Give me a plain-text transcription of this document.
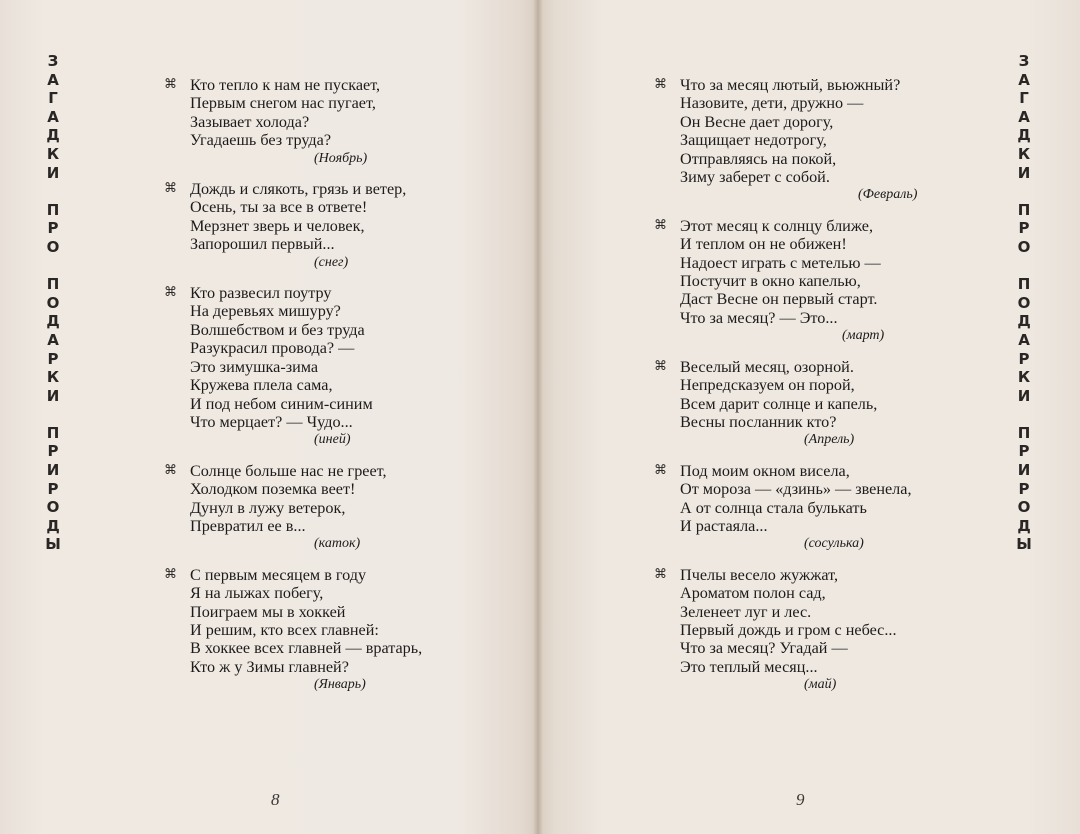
З
А
Г
А
Д
К
И
П
Р
О
П
О
Д
А
Р
К
И
П
Р
И
Р
О
Д
Ы
З
А
Г
А
Д
К
И
П
Р
О
П
О
Д
А
Р
К
И
П
Р
И
Р
О
Д
Ы
⌘ Кто тепло к нам не пускает,
Первым снегом нас пугает,
Зазывает холода?
Угадаешь без труда?
(Ноябрь)
⌘ Дождь и слякоть, грязь и ветер,
Осень, ты за все в ответе!
Мерзнет зверь и человек,
Запорошил первый...
(снег)
⌘ Кто развесил поутру
На деревьях мишуру?
Волшебством и без труда
Разукрасил провода? —
Это зимушка-зима
Кружева плела сама,
И под небом синим-синим
Что мерцает? — Чудо...
(иней)
⌘ Солнце больше нас не греет,
Холодком поземка веет!
Дунул в лужу ветерок,
Превратил ее в...
(каток)
⌘ С первым месяцем в году
Я на лыжах побегу,
Поиграем мы в хоккей
И решим, кто всех главней:
В хоккее всех главней — вратарь,
Кто ж у Зимы главней?
(Январь)
⌘ Что за месяц лютый, вьюжный?
Назовите, дети, дружно —
Он Весне дает дорогу,
Защищает недотрогу,
Отправляясь на покой,
Зиму заберет с собой.
(Февраль)
⌘ Этот месяц к солнцу ближе,
И теплом он не обижен!
Надоест играть с метелью —
Постучит в окно капелью,
Даст Весне он первый старт.
Что за месяц? — Это...
(март)
⌘ Веселый месяц, озорной.
Непредсказуем он порой,
Всем дарит солнце и капель,
Весны посланник кто?
(Апрель)
⌘ Под моим окном висела,
От мороза — «дзинь» — звенела,
А от солнца стала булькать
И растаяла...
(сосулька)
⌘ Пчелы весело жужжат,
Ароматом полон сад,
Зеленеет луг и лес.
Первый дождь и гром с небес...
Что за месяц? Угадай —
Это теплый месяц...
(май)
8	9
